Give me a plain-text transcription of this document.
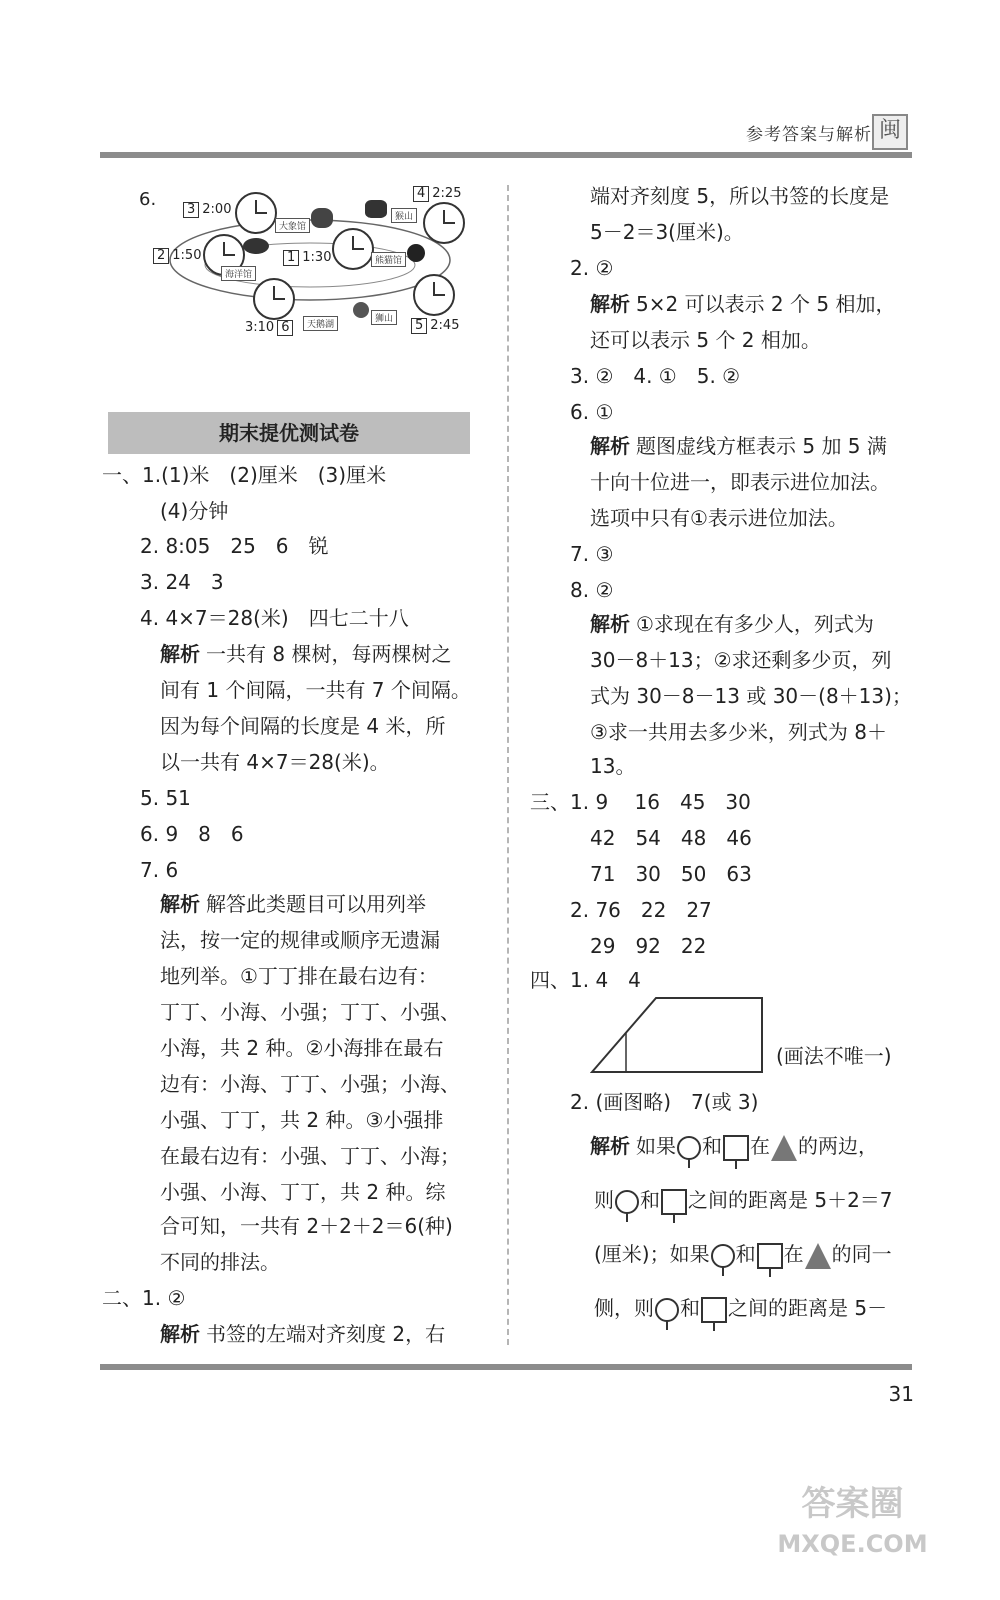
参考答案与解析 闽
6.	3 2:00
大象馆
1 1:30	熊猫馆
2 1:50
海洋馆
4 2:25
猴山
3:10 6	天鹅湖
狮山	5 2:45
期末提优测试卷
一、1.(1)米　(2)厘米　(3)厘米
(4)分钟
2. 8:05　25　6　锐
3. 24　3
4. 4×7＝28(米)　四七二十八
解析 一共有 8 棵树，每两棵树之
间有 1 个间隔，一共有 7 个间隔。
因为每个间隔的长度是 4 米，所
以一共有 4×7＝28(米)。
5. 51
6. 9　8　6
7. 6
解析 解答此类题目可以用列举
法，按一定的规律或顺序无遗漏
地列举。①丁丁排在最右边有：
丁丁、小海、小强；丁丁、小强、
小海，共 2 种。②小海排在最右
边有：小海、丁丁、小强；小海、
小强、丁丁，共 2 种。③小强排
在最右边有：小强、丁丁、小海；
小强、小海、丁丁，共 2 种。综
合可知，一共有 2＋2＋2＝6(种)
不同的排法。
二、1. ②
解析 书签的左端对齐刻度 2，右
端对齐刻度 5，所以书签的长度是
5－2＝3(厘米)。
2. ②
解析 5×2 可以表示 2 个 5 相加，
还可以表示 5 个 2 相加。
3. ②　4. ①　5. ②
6. ①
解析 题图虚线方框表示 5 加 5 满
十向十位进一，即表示进位加法。
选项中只有①表示进位加法。
7. ③
8. ②
解析 ①求现在有多少人，列式为
30－8＋13；②求还剩多少页，列
式为 30－8－13 或 30－(8＋13)；
③求一共用去多少米，列式为 8＋
13。
三、1. 9　 16　45　30
42　54　48　46
71　30　50　63
2. 76　22　27
29　92　22
四、1. 4　4
(画法不唯一)
2. (画图略)　7(或 3)
解析 如果 和 在 的两边，
则 和 之间的距离是 5＋2＝7
(厘米)；如果 和 在 的同一
侧，则 和 之间的距离是 5－
31
答案圈
MXQE.COM
